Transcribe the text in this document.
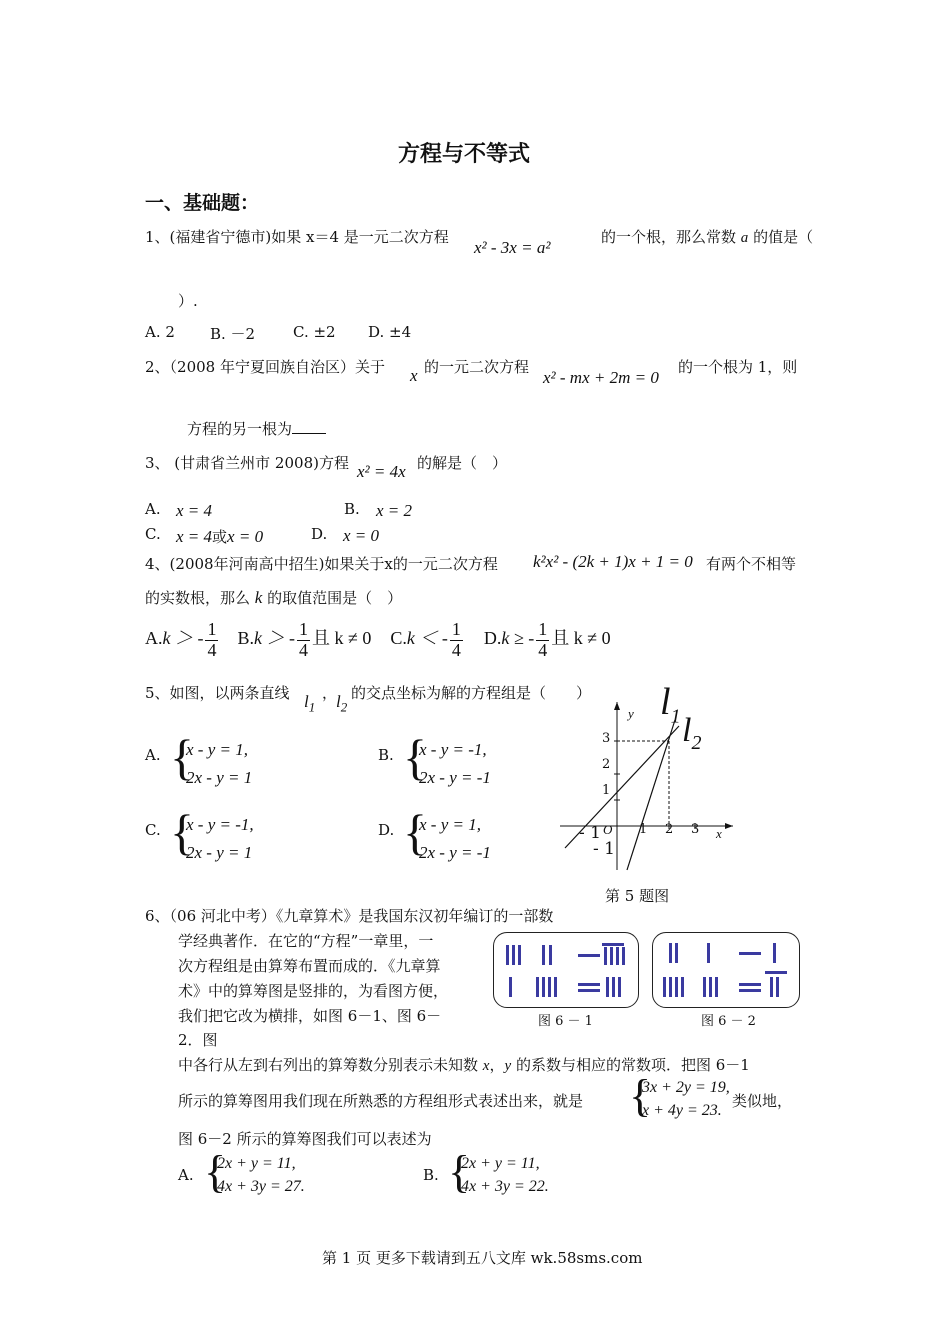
方程与不等式
一、基础题：
1、(福建省宁德市)如果 x＝4 是一元二次方程
x² - 3x = a²
的一个根，那么常数 a 的值是（
）.
A. 2 B. －2	C. ±2 D. ±4
2、（2008 年宁夏回族自治区）关于 x 的一元二次方程
x² - mx + 2m = 0
的一个根为 1，则
方程的另一根为
3、 (甘肃省兰州市 2008)方程 x² = 4x 的解是（　）
A. x = 4	B. x = 2
C. x = 4或x = 0	D. x = 0
4、(2008年河南高中招生)如果关于x的一元二次方程 k²x² - (2k + 1)x + 1 = 0 有两个不相等
的实数根，那么 k 的取值范围是（　）
A.k ＞ - $\frac{1}{4} B.k$ ＞ - $\frac{1}{4}$ 且 k ≠ 0 C.k ＜ - $\frac{1}{4} D.k$ ≥ - $\frac{1}{4}$ 且 k ≠ 0
5、如图，以两条直线 $l_1$
，
$l_2$
的交点坐标为解的方程组是（　　）
A. {
x - y = 1,
2x - y = 1
B. {
x - y = -1,
2x - y = -1
C. {
x - y = -1,
2x - y = 1
D. {
x - y = 1,
2x - y = -1
$l_1$ $l_2$
y
x
O
3
2
1
1 2 3
- 1
- 1
第 5 题图
6、（06 河北中考）《九章算术》是我国东汉初年编订的一部数
学经典著作．在它的“方程”一章里，一
次方程组是由算筹布置而成的．《九章算
术》中的算筹图是竖排的，为看图方便，
我们把它改为横排，如图 6－1、图 6－
2．图
中各行从左到右列出的算筹数分别表示未知数 x，y 的系数与相应的常数项．把图 6－1
所示的算筹图用我们现在所熟悉的方程组形式表述出来，就是 {
3x + 2y = 19,
x + 4y = 23.
类似地，
图 6－2 所示的算筹图我们可以表述为
A. {
2x + y = 11,
4x + 3y = 27.
B. {
2x + y = 11,
4x + 3y = 22.
图 6 － 1	图 6 － 2
第 1 页 更多下载请到五八文库 wk.58sms.com
